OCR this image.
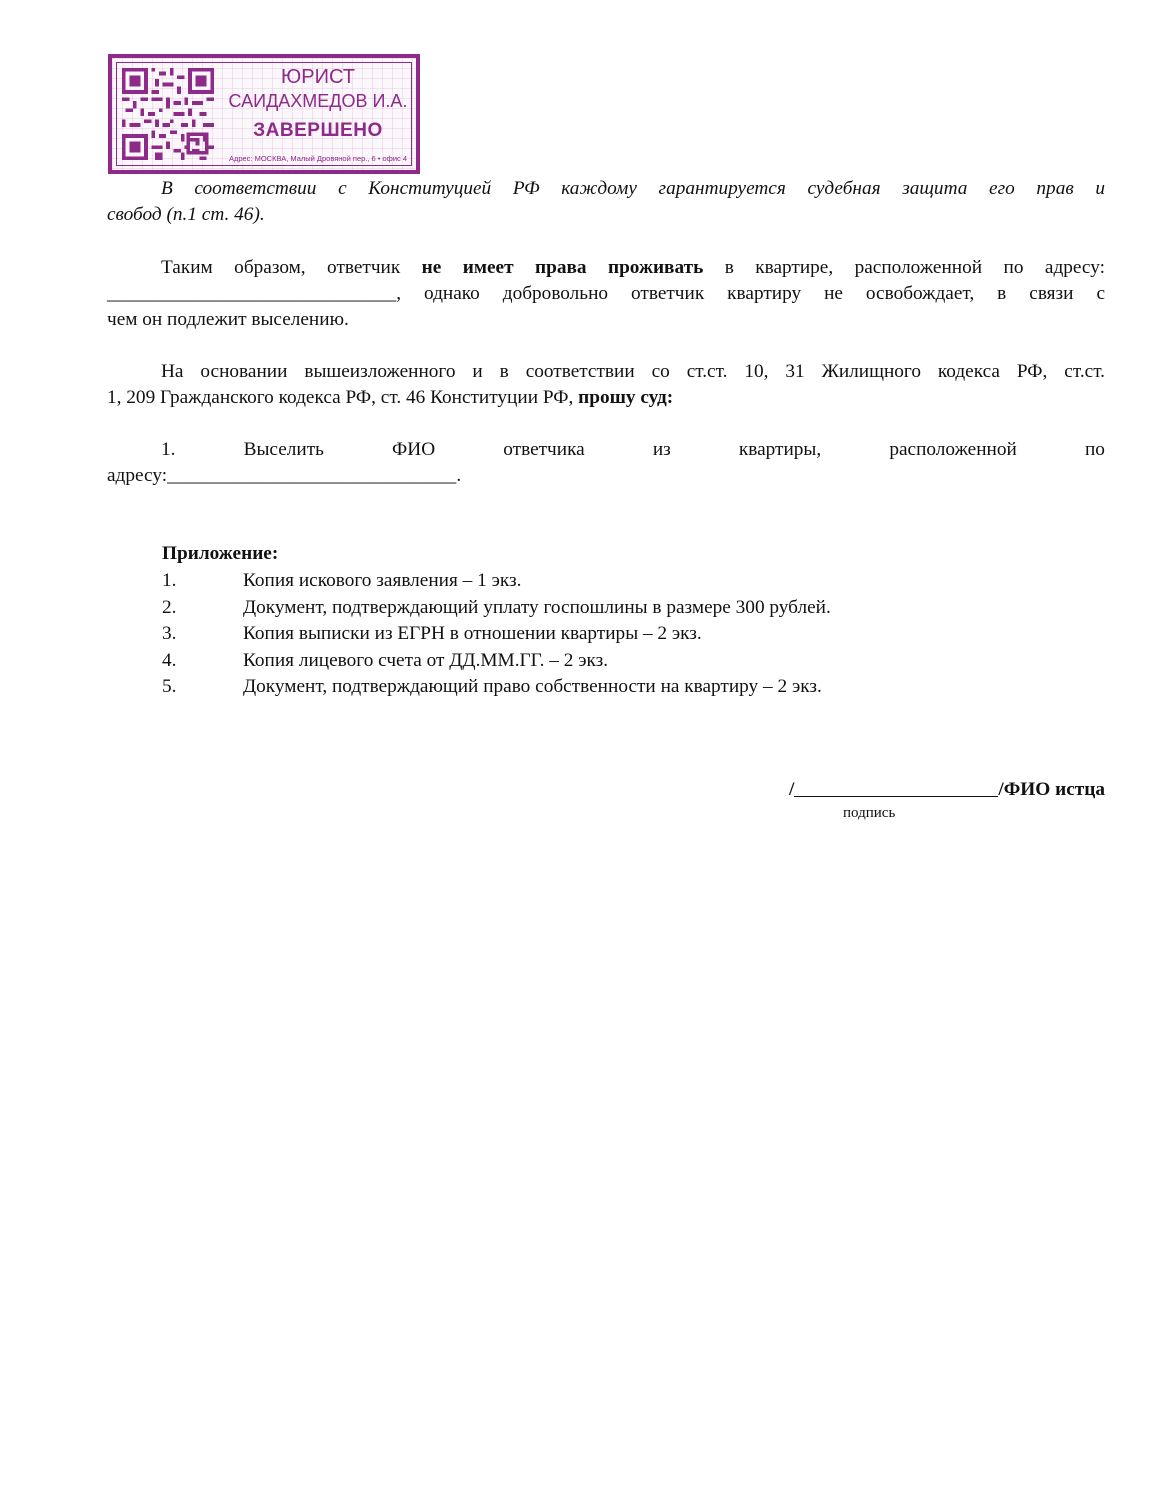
ЮРИСТ
САИДАХМЕДОВ И.А.
ЗАВЕРШЕНО
Адрес: МОСКВА, Малый Дровяной пер., 6 • офис 4
В соответствии с Конституцией РФ каждому гарантируется судебная защита его прав и
свобод (п.1 ст. 46).
Таким образом, ответчик не имеет права проживать в квартире, расположенной по адресу:
______________________________, однако добровольно ответчик квартиру не освобождает, в связи с
чем он подлежит выселению.
На основании вышеизложенного и в соответствии со ст.ст. 10, 31 Жилищного кодекса РФ, ст.ст.
1, 209 Гражданского кодекса РФ, ст. 46 Конституции РФ, прошу суд:
1.	Выселить	ФИО	ответчика	из	квартиры,	расположенной	по
адресу:______________________________.
Приложение:
1.	Копия искового заявления – 1 экз.
2.	Документ, подтверждающий уплату госпошлины в размере 300 рублей.
3.	Копия выписки из ЕГРН в отношении квартиры – 2 экз.
4.	Копия лицевого счета от ДД.ММ.ГГ. – 2 экз.
5.	Документ, подтверждающий право собственности на квартиру – 2 экз.
/	/ФИО истца
подпись
